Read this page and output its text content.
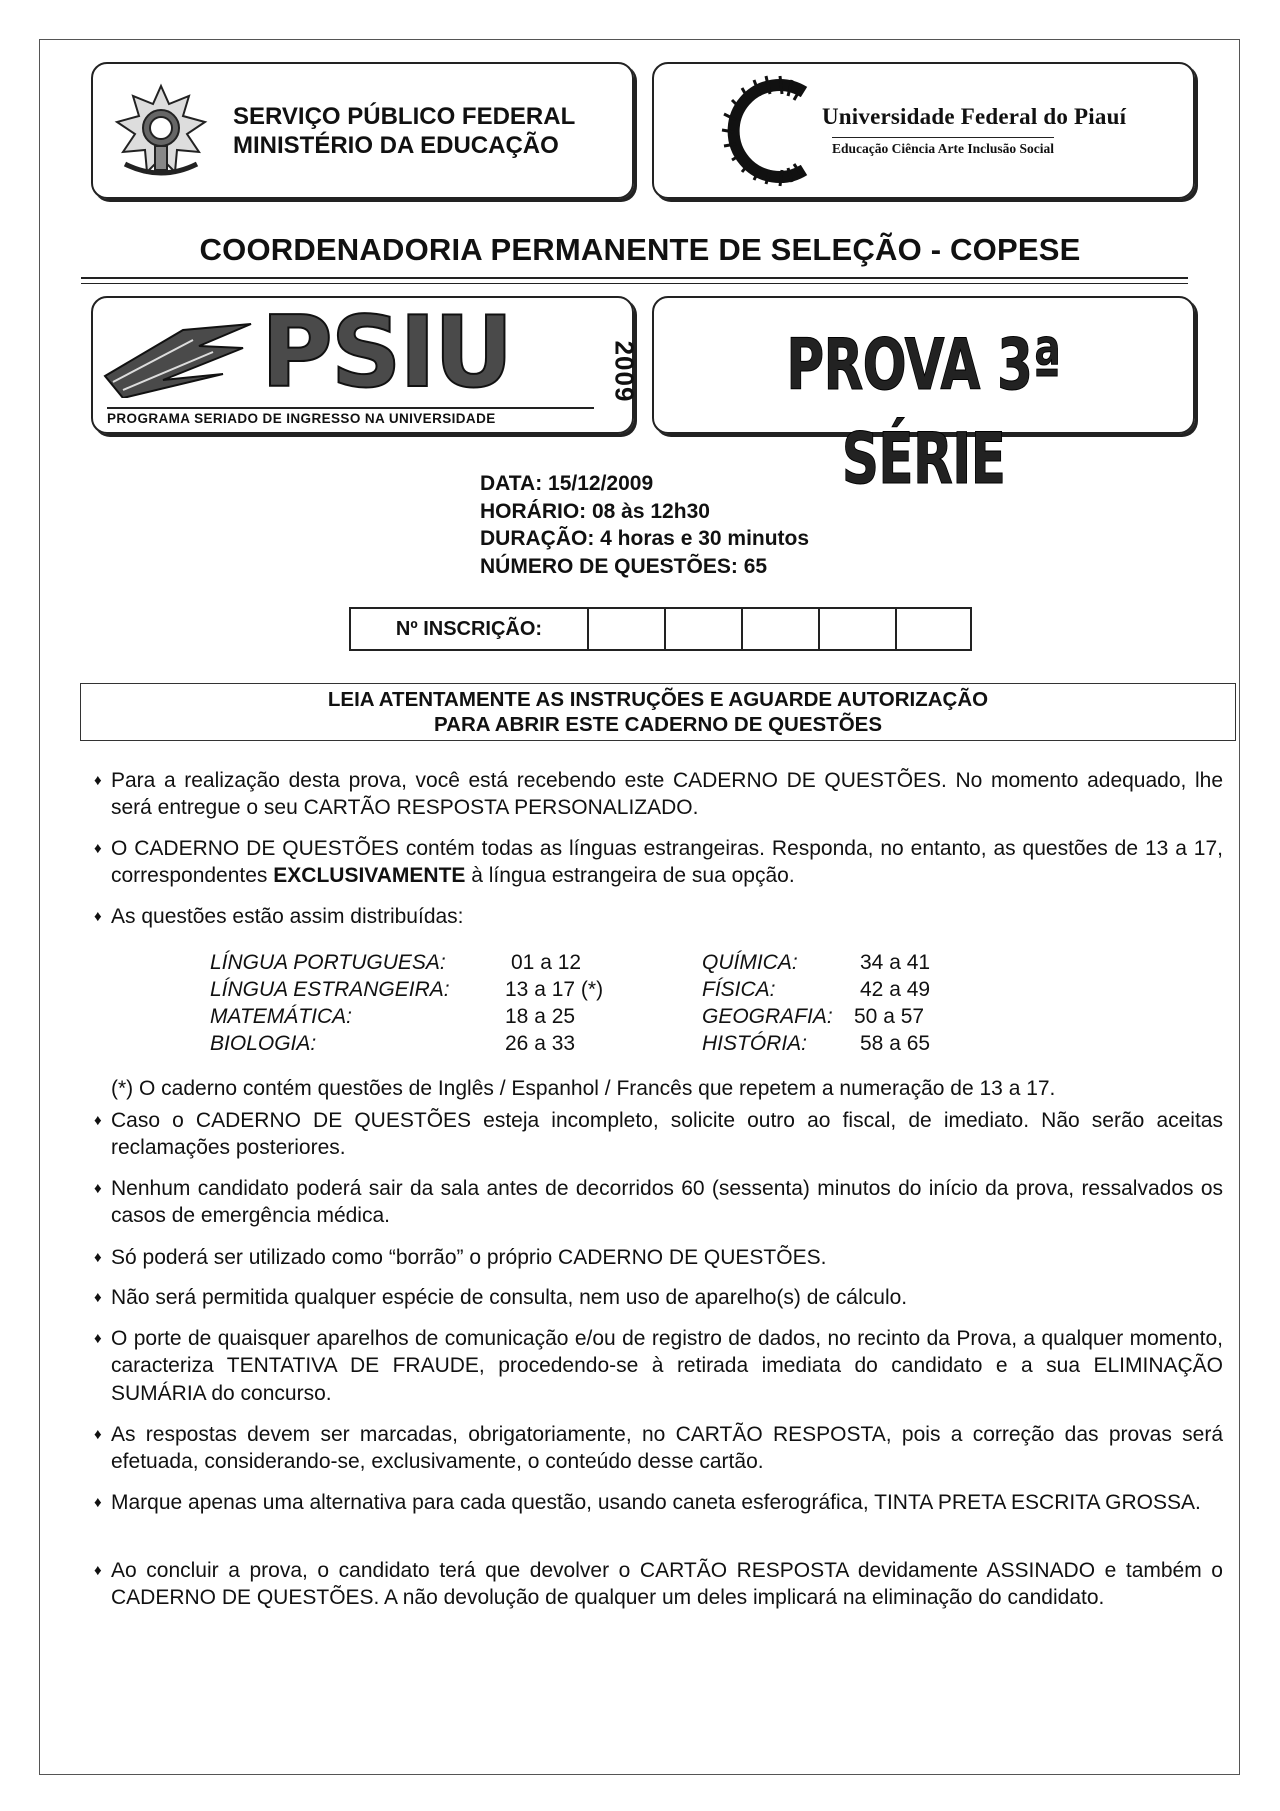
SERVIÇO PÚBLICO FEDERAL
MINISTÉRIO DA EDUCAÇÃO
Universidade Federal do Piauí
Educação Ciência Arte Inclusão Social
COORDENADORIA PERMANENTE DE SELEÇÃO - COPESE
PSIU	2009
PROGRAMA SERIADO DE INGRESSO NA UNIVERSIDADE
PROVA 3ª SÉRIE
DATA: 15/12/2009
HORÁRIO: 08 às 12h30
DURAÇÃO: 4 horas e 30 minutos
NÚMERO DE QUESTÕES: 65
Nº INSCRIÇÃO:
LEIA ATENTAMENTE AS INSTRUÇÕES E AGUARDE AUTORIZAÇÃO
PARA ABRIR ESTE CADERNO DE QUESTÕES
♦ Para a realização desta prova, você está recebendo este CADERNO DE QUESTÕES. No momento adequado, lhe será entregue o seu CARTÃO RESPOSTA PERSONALIZADO.
♦ O CADERNO DE QUESTÕES contém todas as línguas estrangeiras. Responda, no entanto, as questões de 13 a 17, correspondentes EXCLUSIVAMENTE à língua estrangeira de sua opção.
♦ As questões estão assim distribuídas:
LÍNGUA PORTUGUESA:
LÍNGUA ESTRANGEIRA:
MATEMÁTICA:
BIOLOGIA:
01 a 12
13 a 17 (*)
18 a 25
26 a 33
QUÍMICA:
FÍSICA:
GEOGRAFIA:
HISTÓRIA:
34 a 41
42 a 49
50 a 57
58 a 65
(*) O caderno contém questões de Inglês / Espanhol / Francês que repetem a numeração de 13 a 17.
♦ Caso o CADERNO DE QUESTÕES esteja incompleto, solicite outro ao fiscal, de imediato. Não serão aceitas reclamações posteriores.
♦ Nenhum candidato poderá sair da sala antes de decorridos 60 (sessenta) minutos do início da prova, ressalvados os casos de emergência médica.
♦ Só poderá ser utilizado como “borrão” o próprio CADERNO DE QUESTÕES.
♦ Não será permitida qualquer espécie de consulta, nem uso de aparelho(s) de cálculo.
♦ O porte de quaisquer aparelhos de comunicação e/ou de registro de dados, no recinto da Prova, a qualquer momento, caracteriza TENTATIVA DE FRAUDE, procedendo-se à retirada imediata do candidato e a sua ELIMINAÇÃO SUMÁRIA do concurso.
♦ As respostas devem ser marcadas, obrigatoriamente, no CARTÃO RESPOSTA, pois a correção das provas será efetuada, considerando-se, exclusivamente, o conteúdo desse cartão.
♦ Marque apenas uma alternativa para cada questão, usando caneta esferográfica, TINTA PRETA ESCRITA GROSSA.
♦ Ao concluir a prova, o candidato terá que devolver o CARTÃO RESPOSTA devidamente ASSINADO e também o CADERNO DE QUESTÕES. A não devolução de qualquer um deles implicará na eliminação do candidato.
